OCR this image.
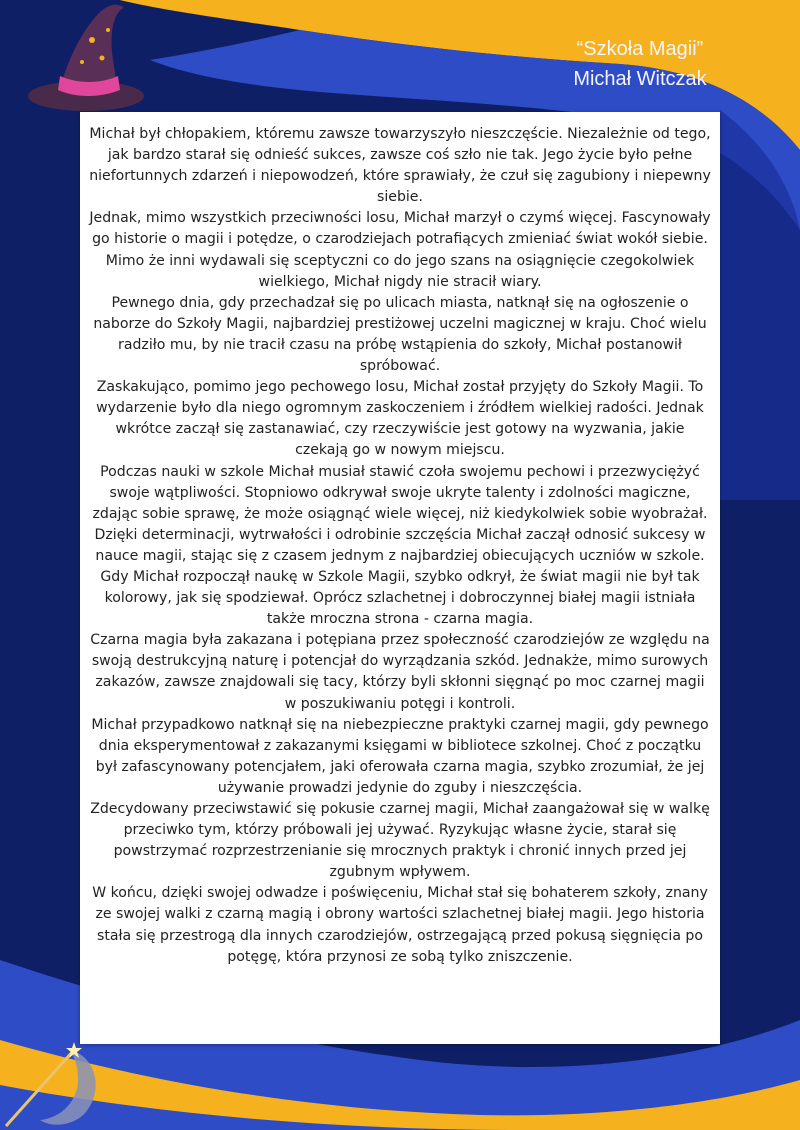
“Szkoła Magii”
Michał Witczak

Michał był chłopakiem, któremu zawsze towarzyszyło nieszczęście. Niezależnie od tego, jak bardzo starał się odnieść sukces, zawsze coś szło nie tak. Jego życie było pełne niefortunnych zdarzeń i niepowodzeń, które sprawiały, że czuł się zagubiony i niepewny siebie.

Jednak, mimo wszystkich przeciwności losu, Michał marzył o czymś więcej. Fascynowały go historie o magii i potędze, o czarodziejach potrafiących zmieniać świat wokół siebie. Mimo że inni wydawali się sceptyczni co do jego szans na osiągnięcie czegokolwiek wielkiego, Michał nigdy nie stracił wiary.

Pewnego dnia, gdy przechadzał się po ulicach miasta, natknął się na ogłoszenie o naborze do Szkoły Magii, najbardziej prestiżowej uczelni magicznej w kraju. Choć wielu radziło mu, by nie tracił czasu na próbę wstąpienia do szkoły, Michał postanowił spróbować.

Zaskakująco, pomimo jego pechowego losu, Michał został przyjęty do Szkoły Magii. To wydarzenie było dla niego ogromnym zaskoczeniem i źródłem wielkiej radości. Jednak wkrótce zaczął się zastanawiać, czy rzeczywiście jest gotowy na wyzwania, jakie czekają go w nowym miejscu.

Podczas nauki w szkole Michał musiał stawić czoła swojemu pechowi i przezwyciężyć swoje wątpliwości. Stopniowo odkrywał swoje ukryte talenty i zdolności magiczne, zdając sobie sprawę, że może osiągnąć wiele więcej, niż kiedykolwiek sobie wyobrażał. Dzięki determinacji, wytrwałości i odrobinie szczęścia Michał zaczął odnosić sukcesy w nauce magii, stając się z czasem jednym z najbardziej obiecujących uczniów w szkole.

Gdy Michał rozpoczął naukę w Szkole Magii, szybko odkrył, że świat magii nie był tak kolorowy, jak się spodziewał. Oprócz szlachetnej i dobroczynnej białej magii istniała także mroczna strona - czarna magia.

Czarna magia była zakazana i potępiana przez społeczność czarodziejów ze względu na swoją destrukcyjną naturę i potencjał do wyrządzania szkód. Jednakże, mimo surowych zakazów, zawsze znajdowali się tacy, którzy byli skłonni sięgnąć po moc czarnej magii w poszukiwaniu potęgi i kontroli.

Michał przypadkowo natknął się na niebezpieczne praktyki czarnej magii, gdy pewnego dnia eksperymentował z zakazanymi księgami w bibliotece szkolnej. Choć z początku był zafascynowany potencjałem, jaki oferowała czarna magia, szybko zrozumiał, że jej używanie prowadzi jedynie do zguby i nieszczęścia.

Zdecydowany przeciwstawić się pokusie czarnej magii, Michał zaangażował się w walkę przeciwko tym, którzy próbowali jej używać. Ryzykując własne życie, starał się powstrzymać rozprzestrzenianie się mrocznych praktyk i chronić innych przed jej zgubnym wpływem.

W końcu, dzięki swojej odwadze i poświęceniu, Michał stał się bohaterem szkoły, znany ze swojej walki z czarną magią i obrony wartości szlachetnej białej magii. Jego historia stała się przestrogą dla innych czarodziejów, ostrzegającą przed pokusą sięgnięcia po potęgę, która przynosi ze sobą tylko zniszczenie.
